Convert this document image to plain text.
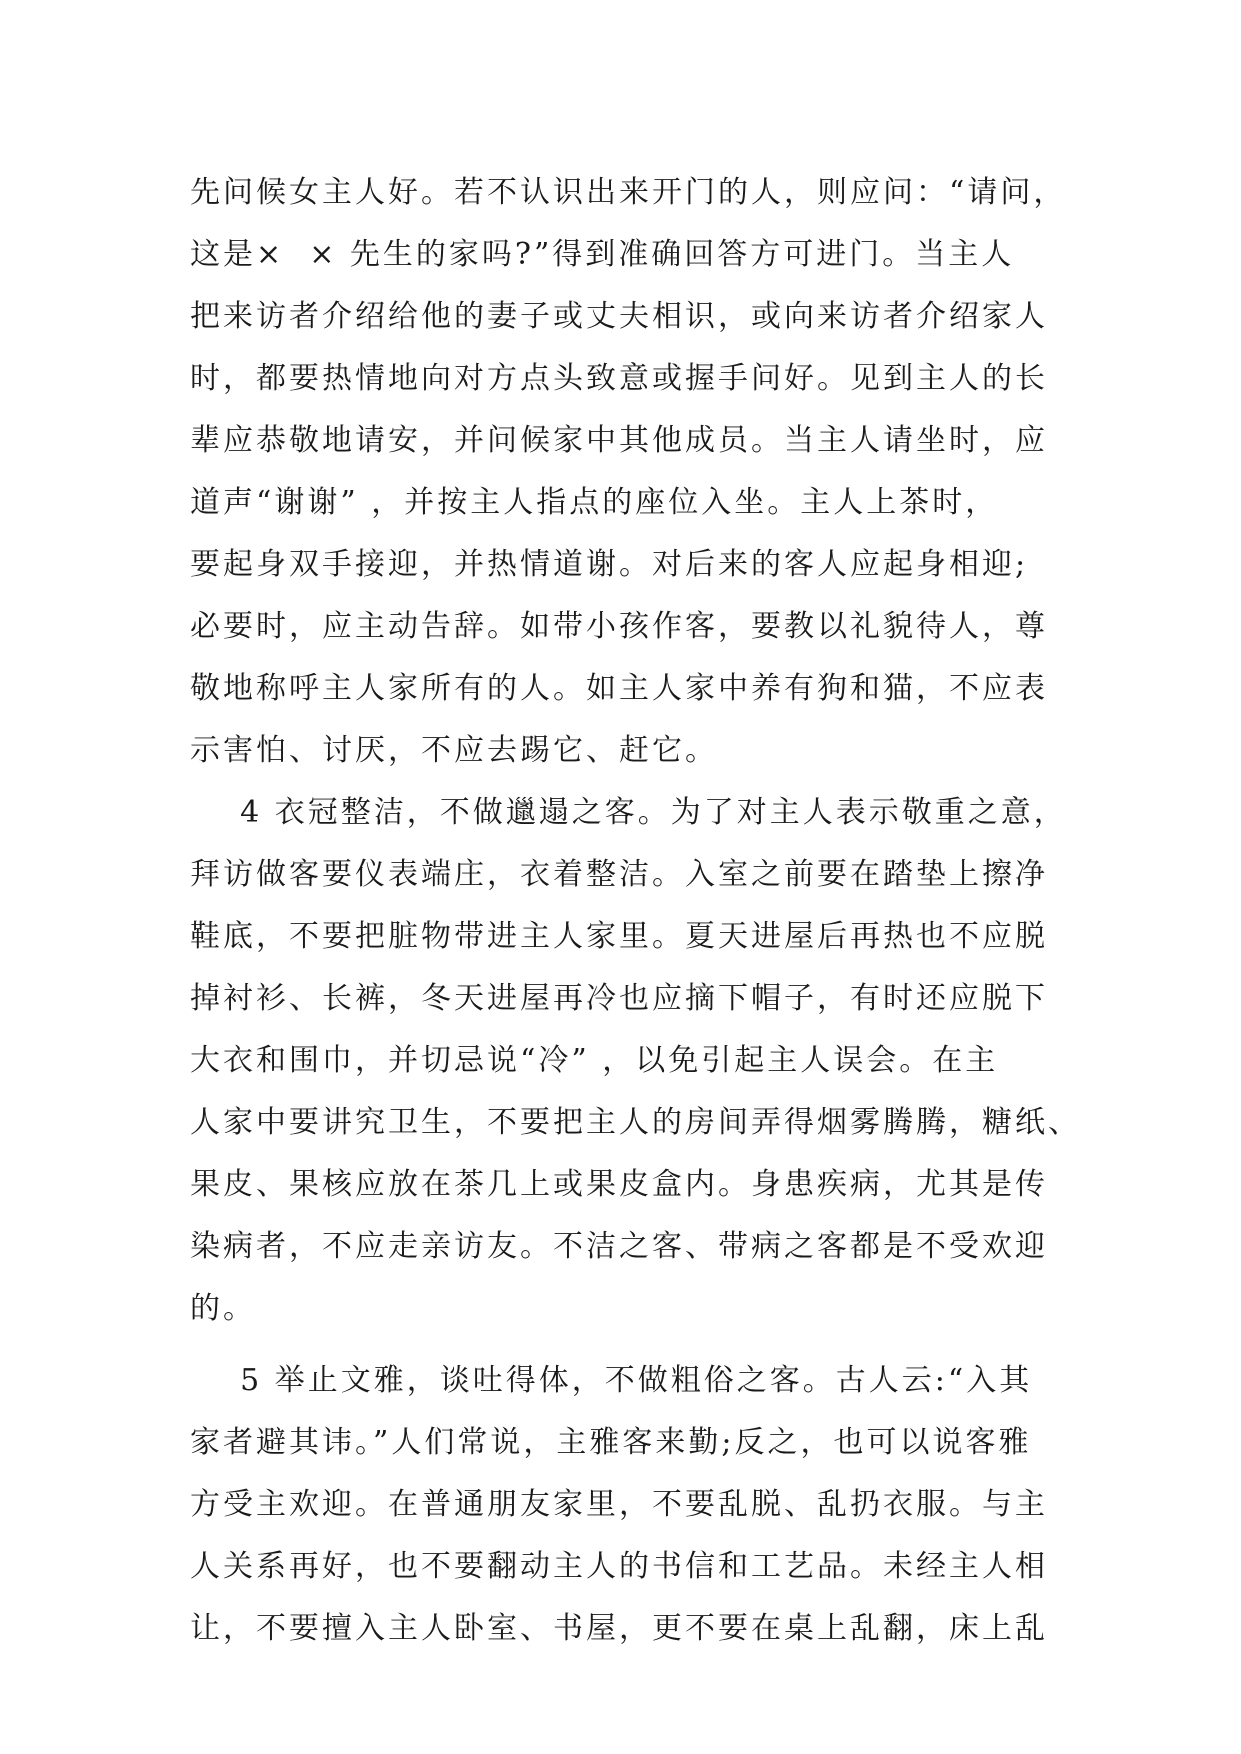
先问候女主人好。若不认识出来开门的人，则应问：“请问，
这是×  × 先生的家吗?”得到准确回答方可进门。当主人
把来访者介绍给他的妻子或丈夫相识，或向来访者介绍家人
时，都要热情地向对方点头致意或握手问好。见到主人的长
辈应恭敬地请安，并问候家中其他成员。当主人请坐时，应
道声“谢谢” ，并按主人指点的座位入坐。主人上茶时，
要起身双手接迎，并热情道谢。对后来的客人应起身相迎;
必要时，应主动告辞。如带小孩作客，要教以礼貌待人，尊
敬地称呼主人家所有的人。如主人家中养有狗和猫，不应表
示害怕、讨厌，不应去踢它、赶它。
4 衣冠整洁，不做邋遢之客。为了对主人表示敬重之意，
拜访做客要仪表端庄，衣着整洁。入室之前要在踏垫上擦净
鞋底，不要把脏物带进主人家里。夏天进屋后再热也不应脱
掉衬衫、长裤，冬天进屋再冷也应摘下帽子，有时还应脱下
大衣和围巾，并切忌说“冷” ，以免引起主人误会。在主
人家中要讲究卫生，不要把主人的房间弄得烟雾腾腾，糖纸、
果皮、果核应放在茶几上或果皮盒内。身患疾病，尤其是传
染病者，不应走亲访友。不洁之客、带病之客都是不受欢迎
的。
5 举止文雅，谈吐得体，不做粗俗之客。古人云:“入其
家者避其讳。”人们常说，主雅客来勤;反之，也可以说客雅
方受主欢迎。在普通朋友家里，不要乱脱、乱扔衣服。与主
人关系再好，也不要翻动主人的书信和工艺品。未经主人相
让，不要擅入主人卧室、书屋，更不要在桌上乱翻，床上乱
